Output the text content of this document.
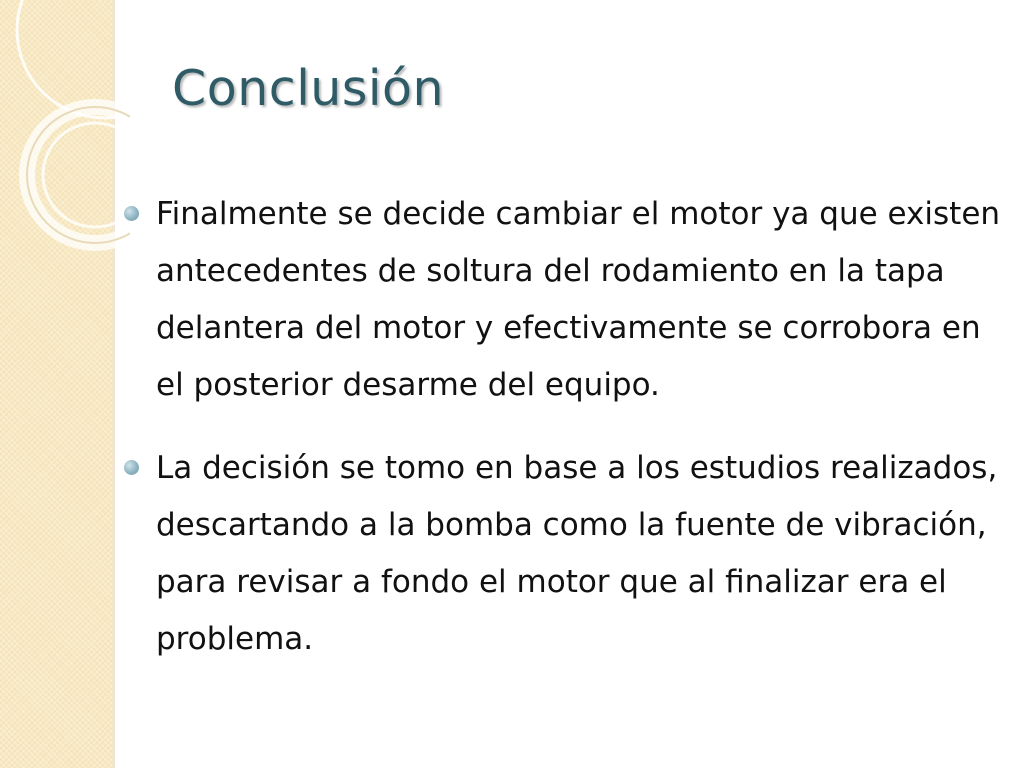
Conclusión
Finalmente se decide cambiar el motor ya que existen antecedentes de soltura del rodamiento en la tapa delantera del motor y efectivamente se corrobora en el posterior desarme del equipo.
La decisión se tomo en base a los estudios realizados, descartando a la bomba como la fuente de vibración, para revisar a fondo el motor que al finalizar era el problema.
